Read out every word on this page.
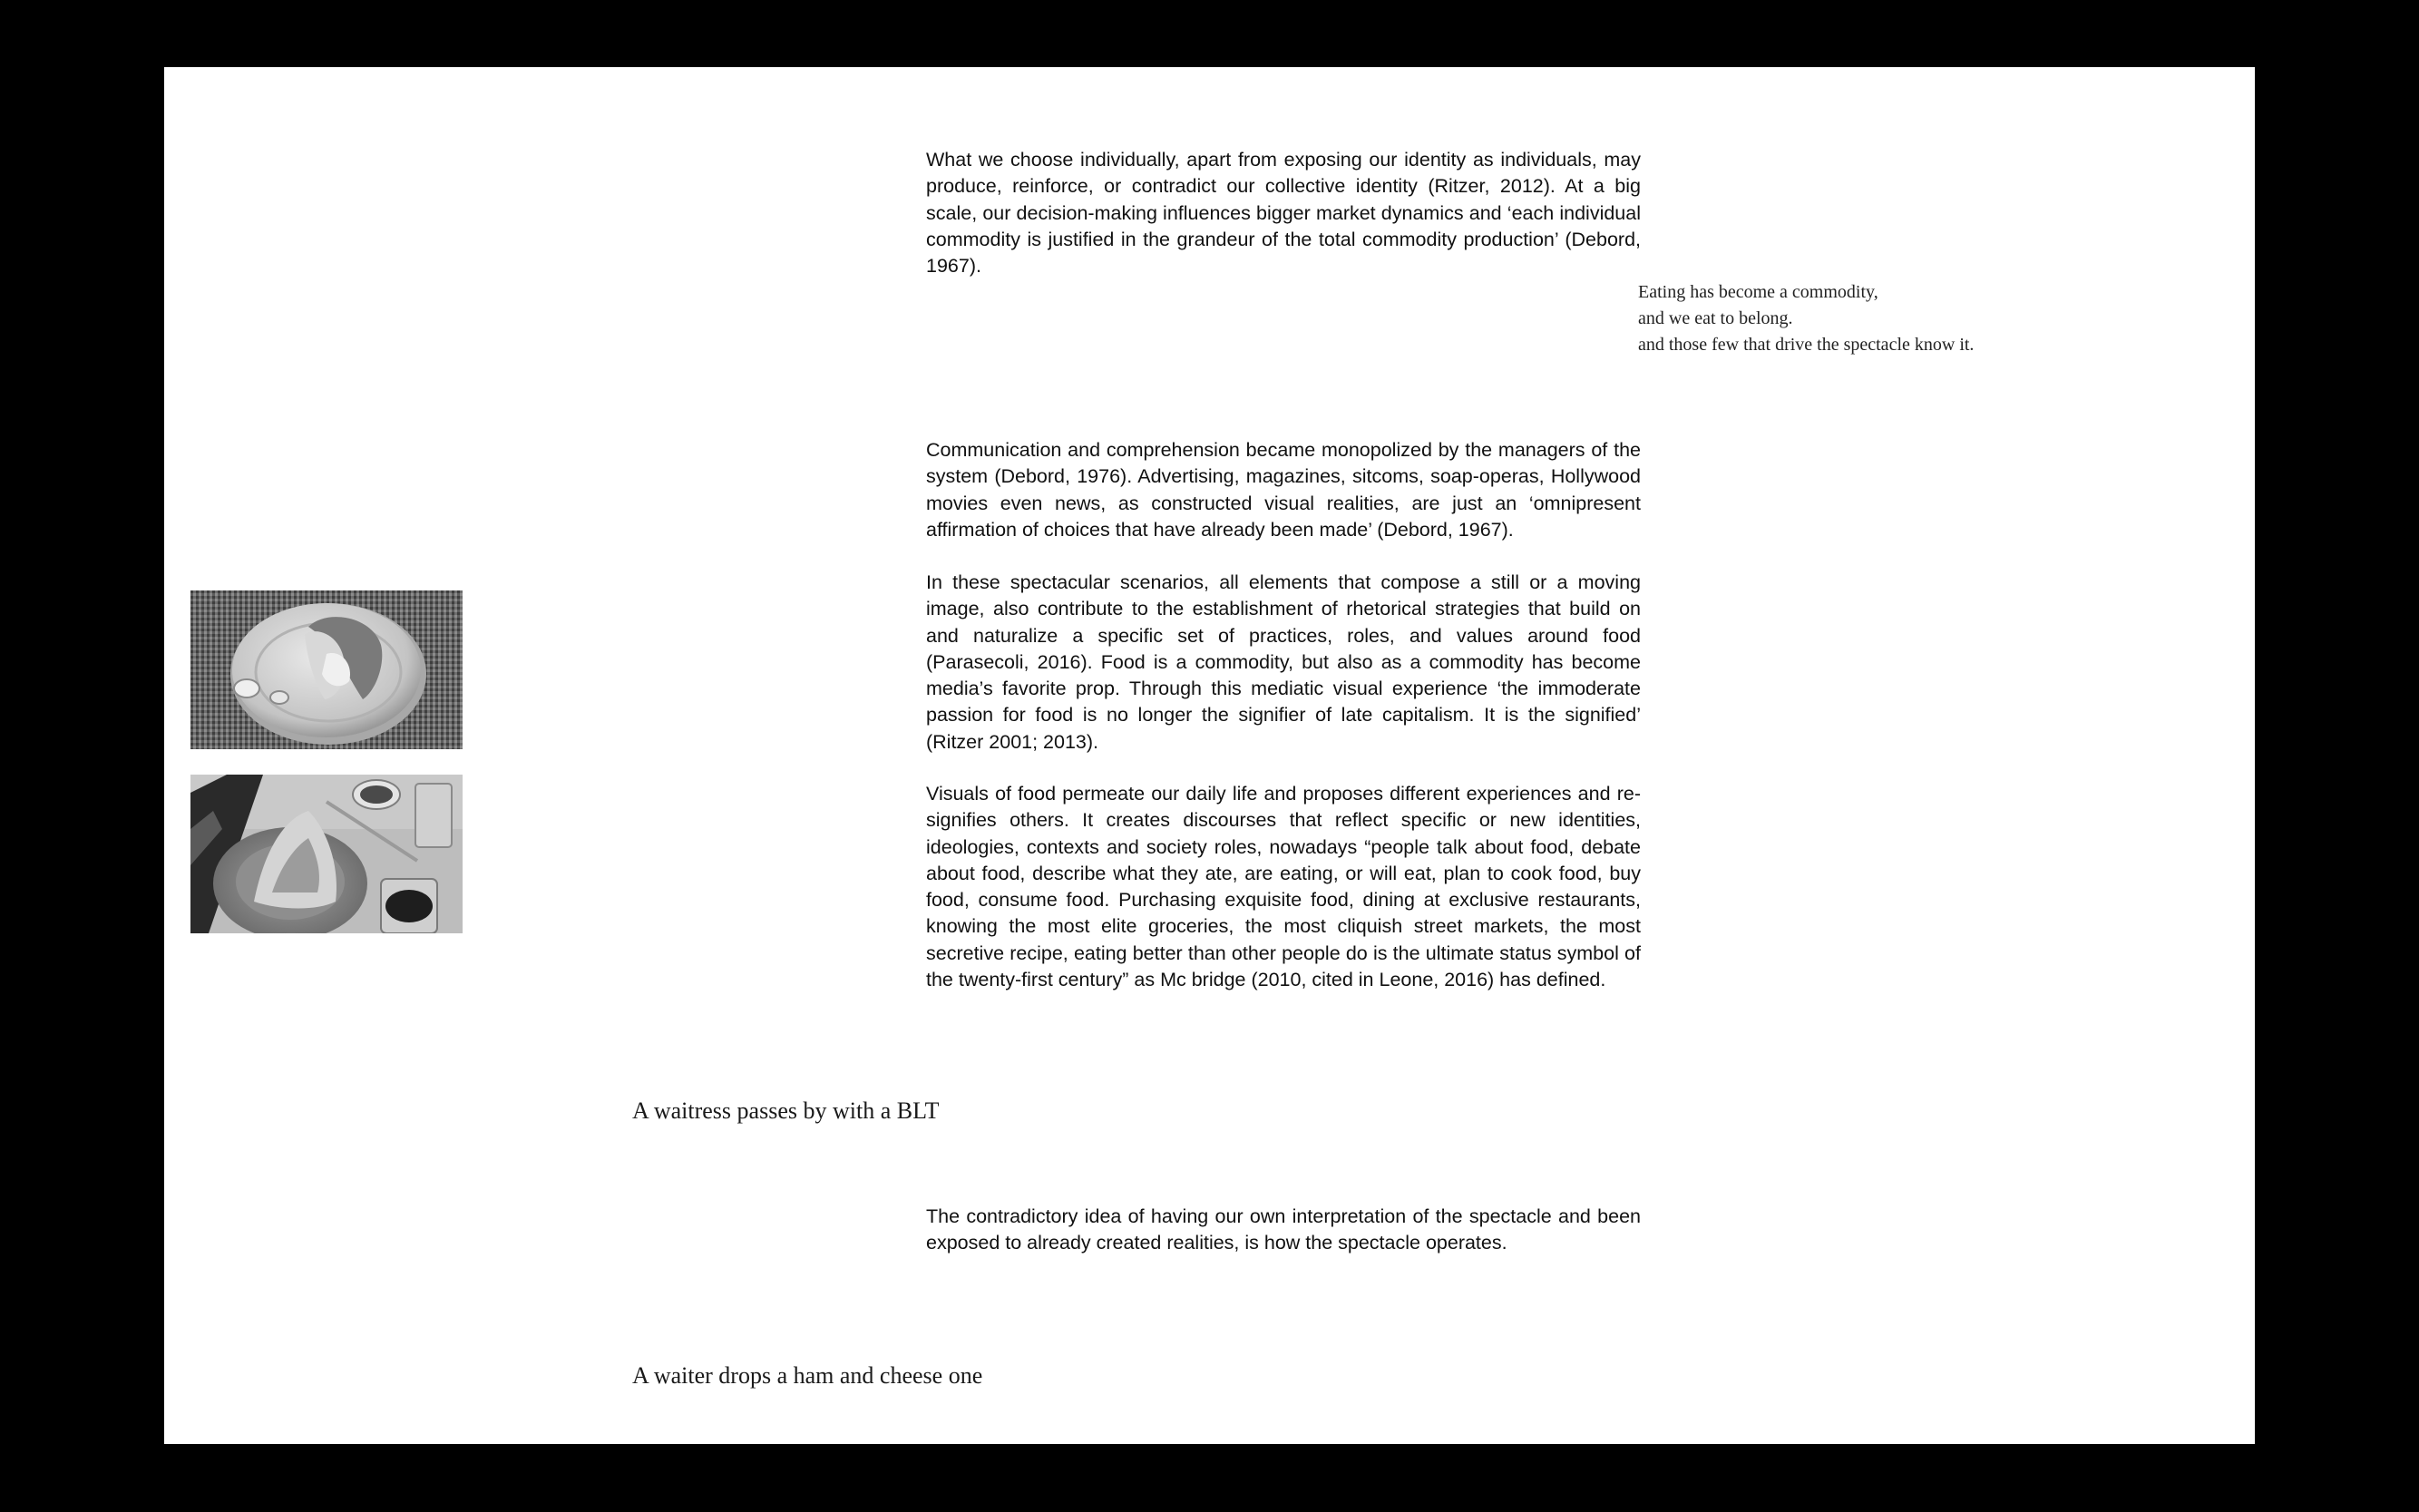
What we choose individually, apart from exposing our identity as individuals, may produce, reinforce, or contradict our collective identity (Ritzer, 2012). At a big scale, our decision-making influences bigger market dynamics and ‘each individual commodity is justified in the grandeur of the total commodity production’ (Debord, 1967).

Eating has become a commodity,
and we eat to belong.
and those few that drive the spectacle know it.

Communication and comprehension became monopolized by the managers of the system (Debord, 1976). Advertising, magazines, sitcoms, soap-operas, Hollywood movies even news, as constructed visual realities, are just an ‘omnipresent affirmation of choices that have already been made’ (Debord, 1967).

In these spectacular scenarios, all elements that compose a still or a moving image, also contribute to the establishment of rhetorical strategies that build on and naturalize a specific set of practices, roles, and values around food (Parasecoli, 2016). Food is a commodity, but also as a commodity has become media’s favorite prop. Through this mediatic visual experience ‘the immoderate passion for food is no longer the signifier of late capitalism. It is the signified’ (Ritzer 2001; 2013).

Visuals of food permeate our daily life and proposes different experiences and re-signifies others. It creates discourses that reflect specific or new identities, ideologies, contexts and society roles, nowadays “people talk about food, debate about food, describe what they ate, are eating, or will eat, plan to cook food, buy food, consume food. Purchasing exquisite food, dining at exclusive restaurants, knowing the most elite groceries, the most cliquish street markets, the most secretive recipe, eating better than other people do is the ultimate status symbol of the twenty-first century” as Mc bridge (2010, cited in Leone, 2016) has defined.

A waitress passes by with a BLT

The contradictory idea of having our own interpretation of the spectacle and been exposed to already created realities, is how the spectacle operates.

A waiter drops a ham and cheese one
